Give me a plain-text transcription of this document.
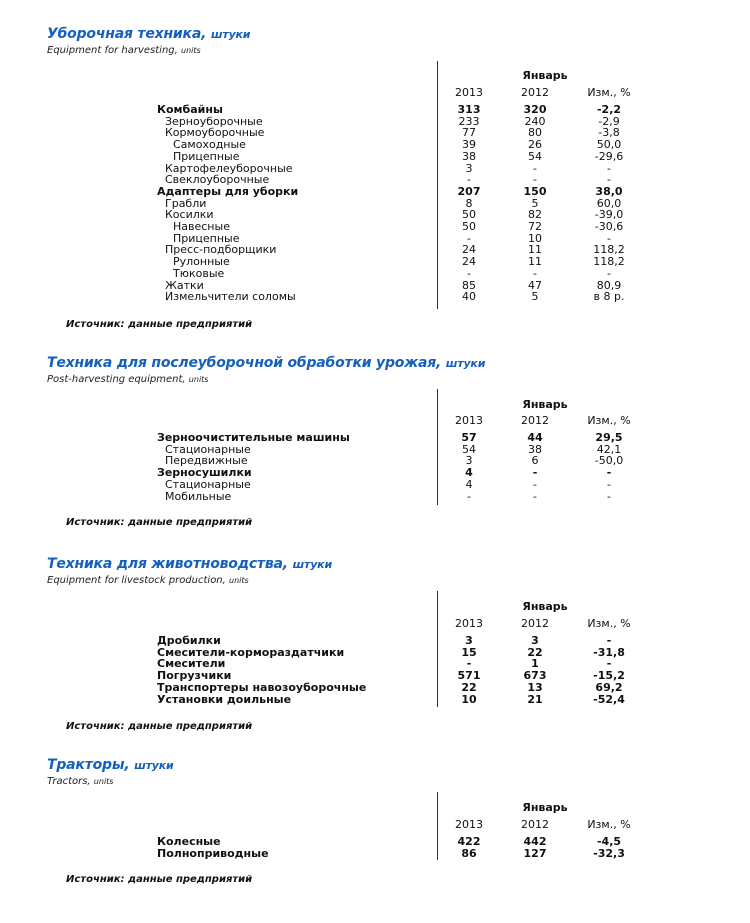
Уборочная техника, штуки
Equipment for harvesting, units
Январь
2013	2012	Изм., %
Комбайны	313	320	-2,2
Зерноуборочные	233	240	-2,9
Кормоуборочные	77	80	-3,8
Самоходные	39	26	50,0
Прицепные	38	54	-29,6
Картофелеуборочные	3	-	-
Свеклоуборочные	-	-	-
Адаптеры для уборки	207	150	38,0
Грабли	8	5	60,0
Косилки	50	82	-39,0
Навесные	50	72	-30,6
Прицепные	-	10	-
Пресс-подборщики	24	11	118,2
Рулонные	24	11	118,2
Тюковые	-	-	-
Жатки	85	47	80,9
Измельчители соломы	40	5	в 8 р.
Источник: данные предприятий
Техника для послеуборочной обработки урожая, штуки
Post-harvesting equipment, units
Январь
2013	2012	Изм., %
Зерноочистительные машины	57	44	29,5
Стационарные	54	38	42,1
Передвижные	3	6	-50,0
Зерносушилки	4	-	-
Стационарные	4	-	-
Мобильные	-	-	-
Источник: данные предприятий
Техника для животноводства, штуки
Equipment for livestock production, units
Январь
2013	2012	Изм., %
Дробилки	3	3	-
Смесители-кормораздатчики	15	22	-31,8
Смесители	-	1	-
Погрузчики	571	673	-15,2
Транспортеры навозоуборочные	22	13	69,2
Установки доильные	10	21	-52,4
Источник: данные предприятий
Тракторы, штуки
Tractors, units
Январь
2013	2012	Изм., %
Колесные	422	442	-4,5
Полноприводные	86	127	-32,3
Источник: данные предприятий
